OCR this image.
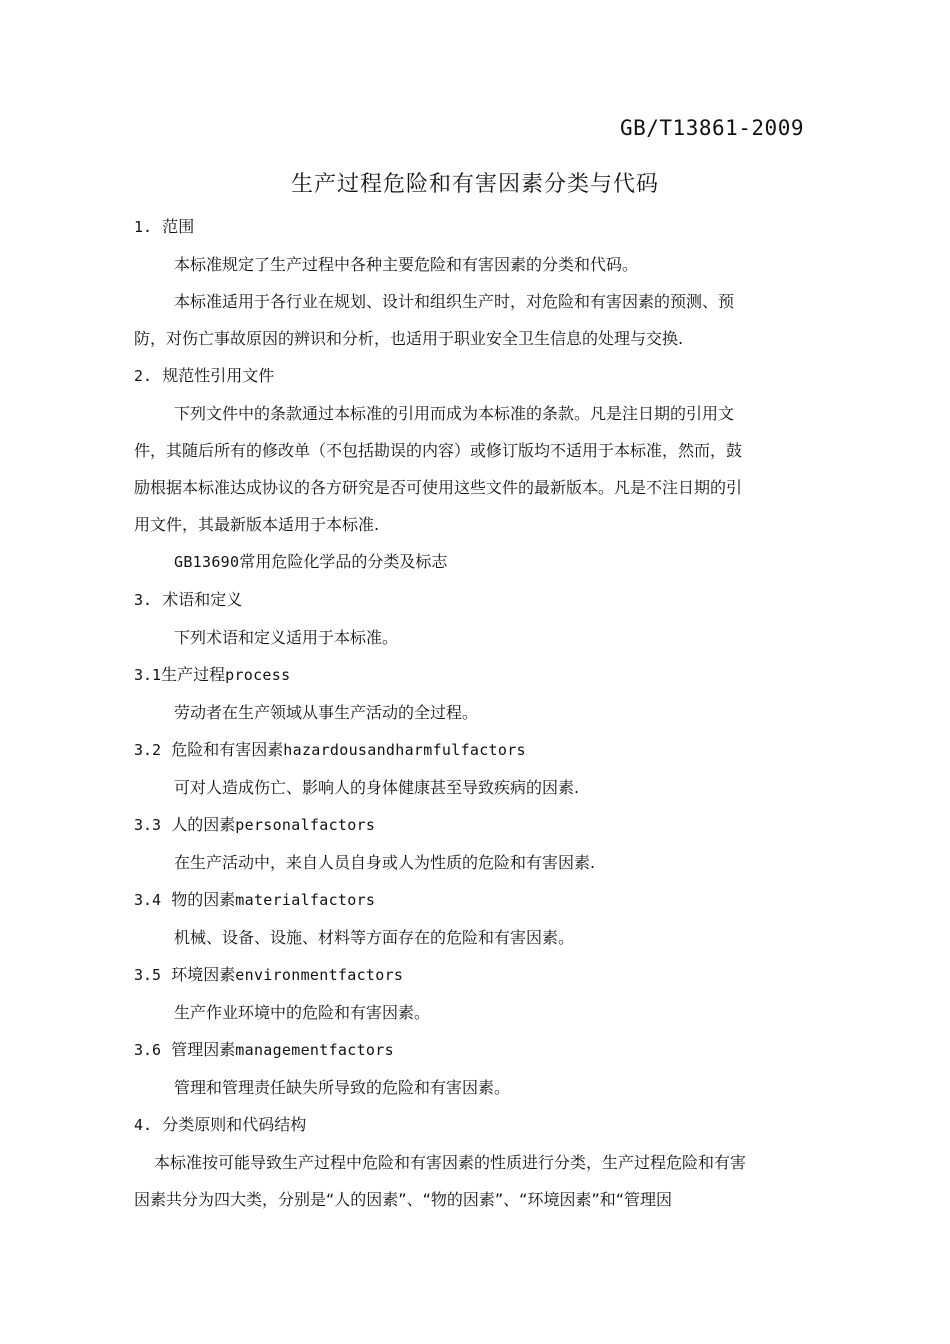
GB/T13861-2009
生产过程危险和有害因素分类与代码

1. 范围

本标准规定了生产过程中各种主要危险和有害因素的分类和代码。

本标准适用于各行业在规划、设计和组织生产时，对危险和有害因素的预测、预

防，对伤亡事故原因的辨识和分析，也适用于职业安全卫生信息的处理与交换.

2. 规范性引用文件

下列文件中的条款通过本标准的引用而成为本标准的条款。凡是注日期的引用文

件，其随后所有的修改单（不包括勘误的内容）或修订版均不适用于本标准，然而，鼓

励根据本标准达成协议的各方研究是否可使用这些文件的最新版本。凡是不注日期的引

用文件，其最新版本适用于本标准.

GB13690常用危险化学品的分类及标志

3. 术语和定义

下列术语和定义适用于本标准。

3.1生产过程process

劳动者在生产领域从事生产活动的全过程。

3.2 危险和有害因素hazardousandharmfulfactors

可对人造成伤亡、影响人的身体健康甚至导致疾病的因素.

3.3 人的因素personalfactors

在生产活动中，来自人员自身或人为性质的危险和有害因素.

3.4 物的因素materialfactors

机械、设备、设施、材料等方面存在的危险和有害因素。

3.5 环境因素environmentfactors

生产作业环境中的危险和有害因素。

3.6 管理因素managementfactors

管理和管理责任缺失所导致的危险和有害因素。

4. 分类原则和代码结构

本标准按可能导致生产过程中危险和有害因素的性质进行分类，生产过程危险和有害

因素共分为四大类，分别是“人的因素”、“物的因素”、“环境因素”和“管理因
